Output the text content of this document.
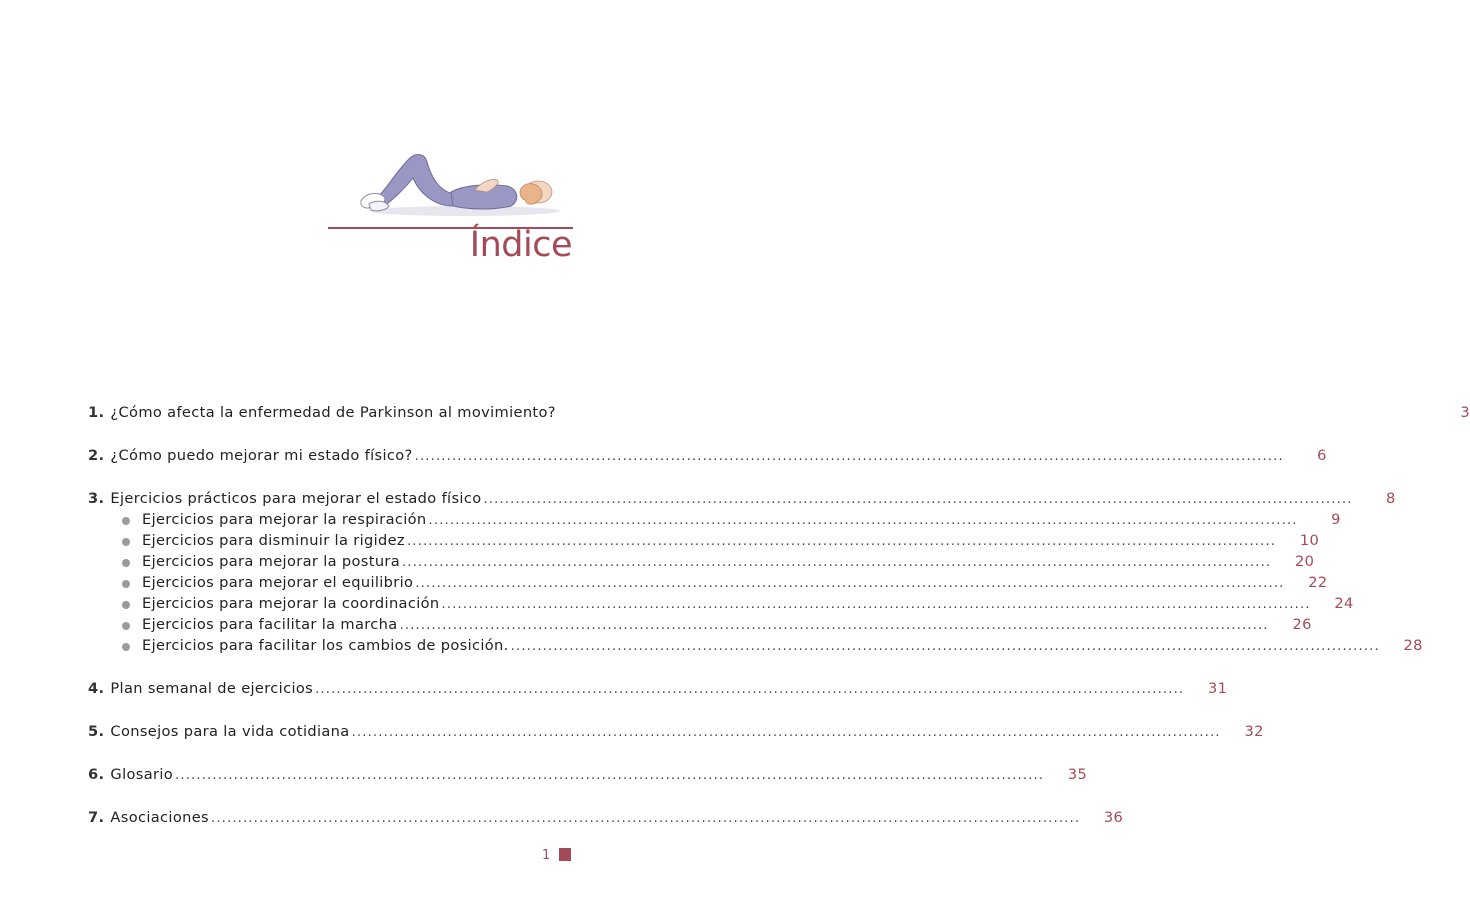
Índice
1. ¿Cómo afecta la enfermedad de Parkinson al movimiento?	3
2. ¿Cómo puedo mejorar mi estado físico? .....	6
3. Ejercicios prácticos para mejorar el estado físico .....	8
Ejercicios para mejorar la respiración .....	9
Ejercicios para disminuir la rigidez .....	10
Ejercicios para mejorar la postura .....	20
Ejercicios para mejorar el equilibrio .....	22
Ejercicios para mejorar la coordinación .....	24
Ejercicios para facilitar la marcha .....	26
Ejercicios para facilitar los cambios de posición. .....	28
4. Plan semanal de ejercicios .....	31
5. Consejos para la vida cotidiana .....	32
6. Glosario .....	35
7. Asociaciones .....	36
1
